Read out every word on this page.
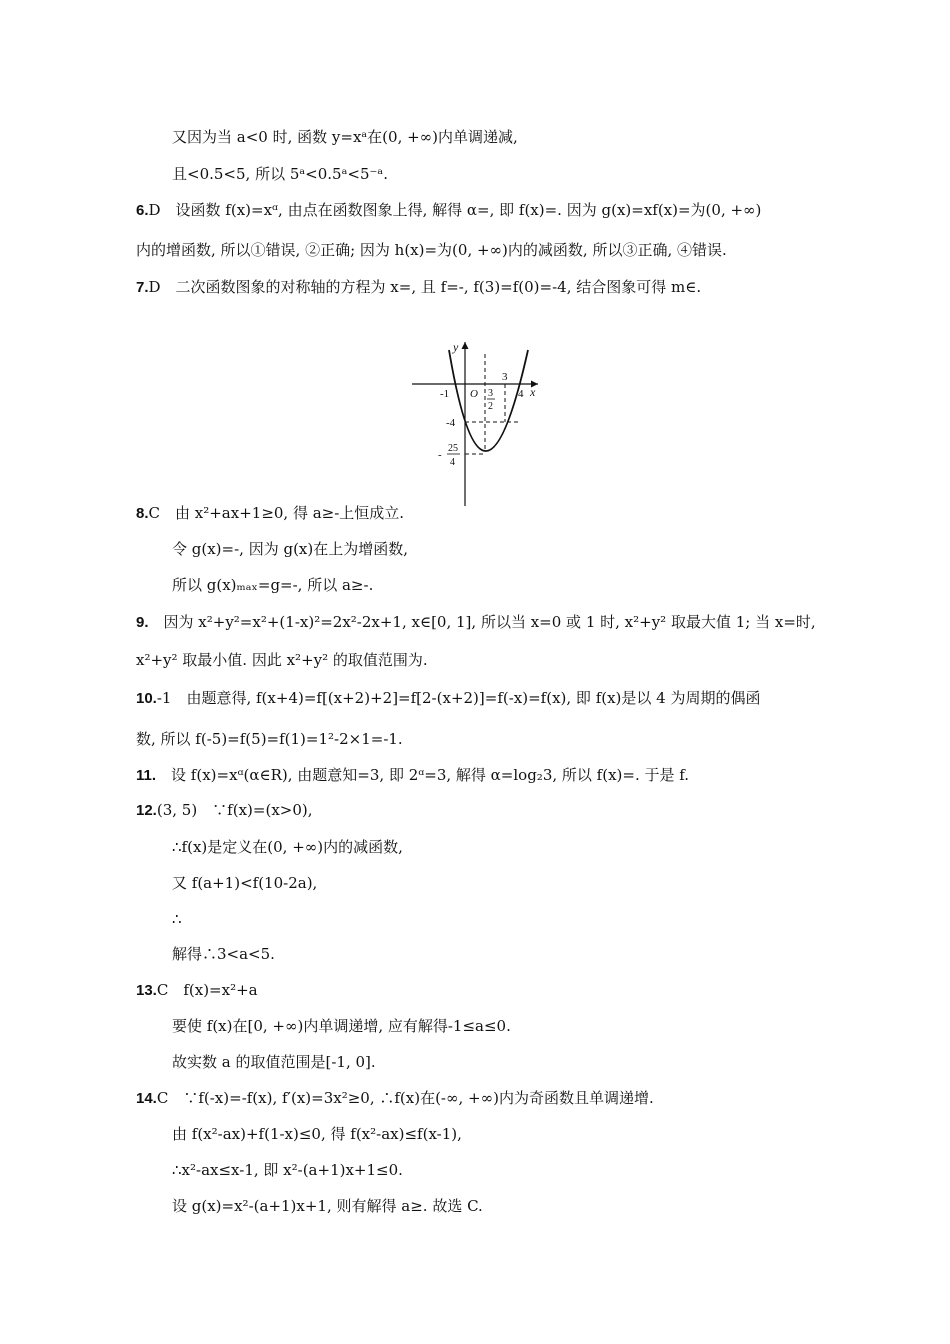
又因为当 a<0 时, 函数 y=xᵃ在(0, +∞)内单调递减,
且<0.5<5, 所以 5ᵃ<0.5ᵃ<5⁻ᵃ.
6.D　设函数 f(x)=xᵅ, 由点在函数图象上得, 解得 α=, 即 f(x)=. 因为 g(x)=xf(x)=为(0, +∞)
内的增函数, 所以①错误, ②正确; 因为 h(x)=为(0, +∞)内的减函数, 所以③正确, ④错误.
7.D　二次函数图象的对称轴的方程为 x=, 且 f=-, f(3)=f(0)=-4, 结合图象可得 m∈.
y
x
O
-1
3
4
-4
3
2
-
25
4
8.C　由 x²+ax+1≥0, 得 a≥-上恒成立.
令 g(x)=-, 因为 g(x)在上为增函数,
所以 g(x)ₘₐₓ=g=-, 所以 a≥-.
9.　因为 x²+y²=x²+(1-x)²=2x²-2x+1, x∈[0, 1], 所以当 x=0 或 1 时, x²+y² 取最大值 1; 当 x=时,
x²+y² 取最小值. 因此 x²+y² 的取值范围为.
10.-1　由题意得, f(x+4)=f[(x+2)+2]=f[2-(x+2)]=f(-x)=f(x), 即 f(x)是以 4 为周期的偶函
数, 所以 f(-5)=f(5)=f(1)=1²-2×1=-1.
11.　设 f(x)=xᵅ(α∈R), 由题意知=3, 即 2ᵅ=3, 解得 α=log₂3, 所以 f(x)=. 于是 f.
12.(3, 5)　∵f(x)=(x>0),
∴f(x)是定义在(0, +∞)内的减函数,
又 f(a+1)<f(10-2a),
∴
解得∴3<a<5.
13.C　f(x)=x²+a
要使 f(x)在[0, +∞)内单调递增, 应有解得-1≤a≤0.
故实数 a 的取值范围是[-1, 0].
14.C　∵f(-x)=-f(x), f′(x)=3x²≥0, ∴f(x)在(-∞, +∞)内为奇函数且单调递增.
由 f(x²-ax)+f(1-x)≤0, 得 f(x²-ax)≤f(x-1),
∴x²-ax≤x-1, 即 x²-(a+1)x+1≤0.
设 g(x)=x²-(a+1)x+1, 则有解得 a≥. 故选 C.
